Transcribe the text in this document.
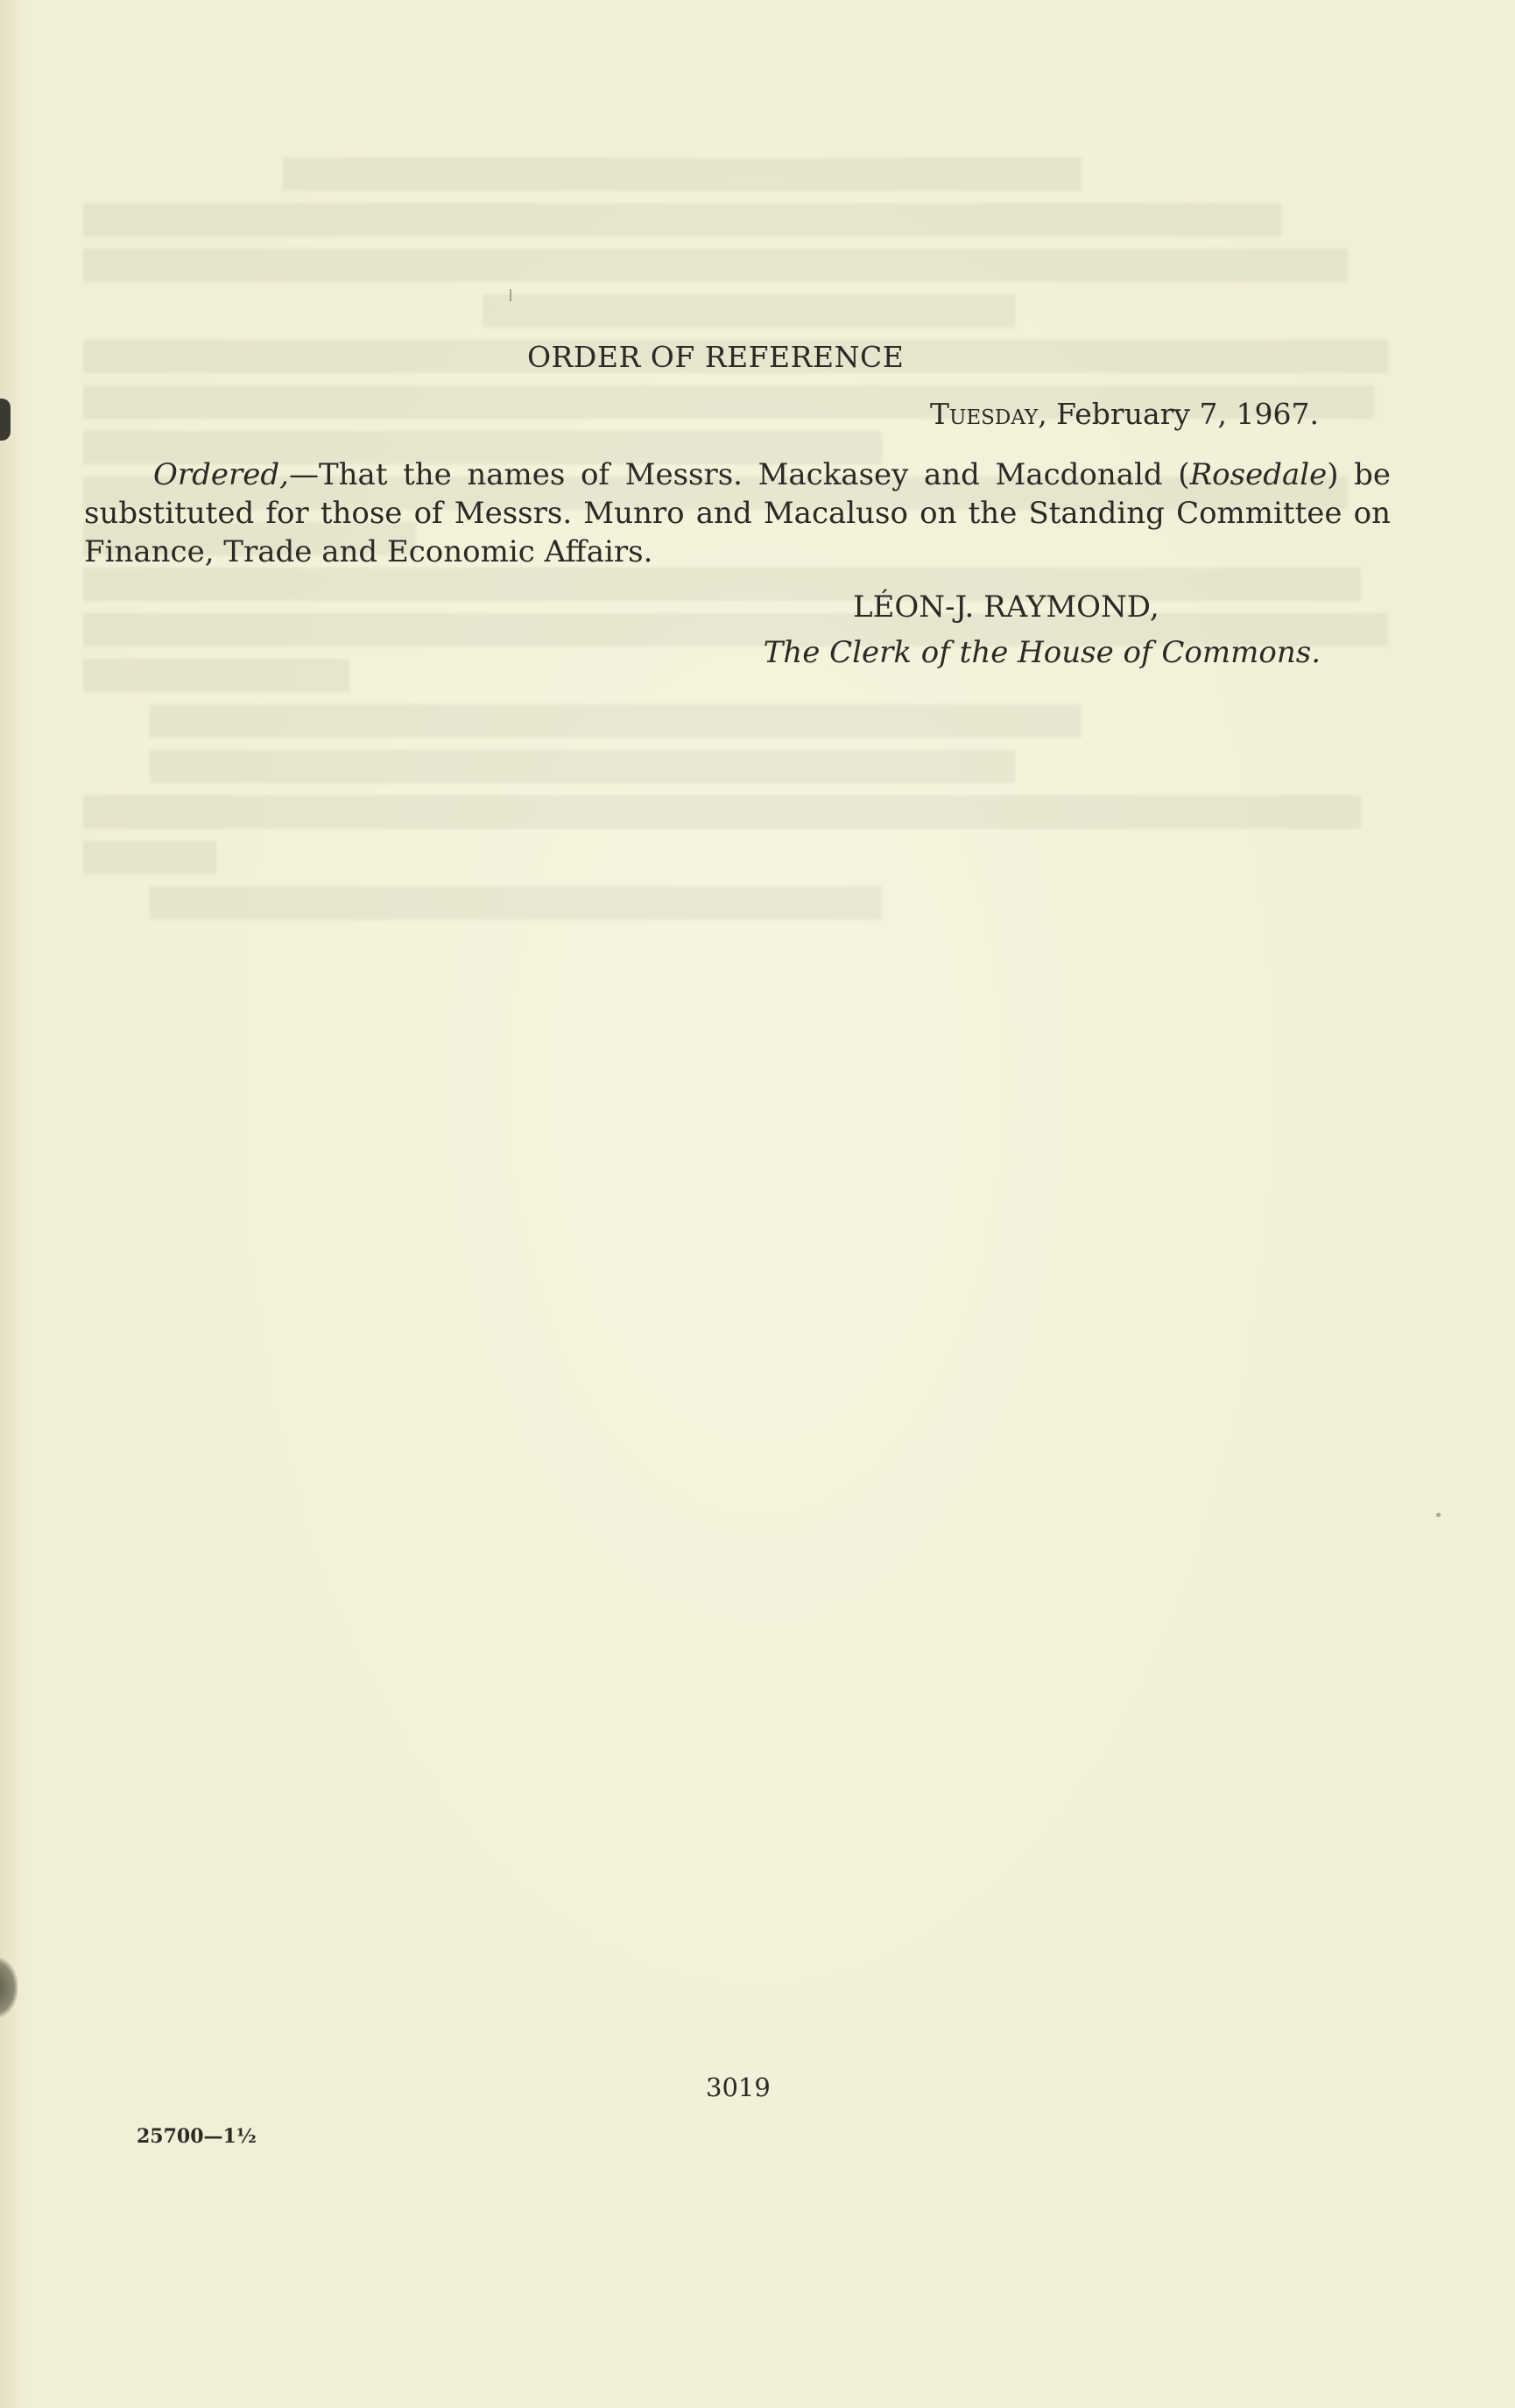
ORDER OF REFERENCE
Tuesday, February 7, 1967.

Ordered,—That the names of Messrs. Mackasey and Macdonald (Rosedale) be substituted for those of Messrs. Munro and Macaluso on the Standing Committee on Finance, Trade and Economic Affairs.

LÉON-J. RAYMOND,
The Clerk of the House of Commons.
3019
25700—1½
